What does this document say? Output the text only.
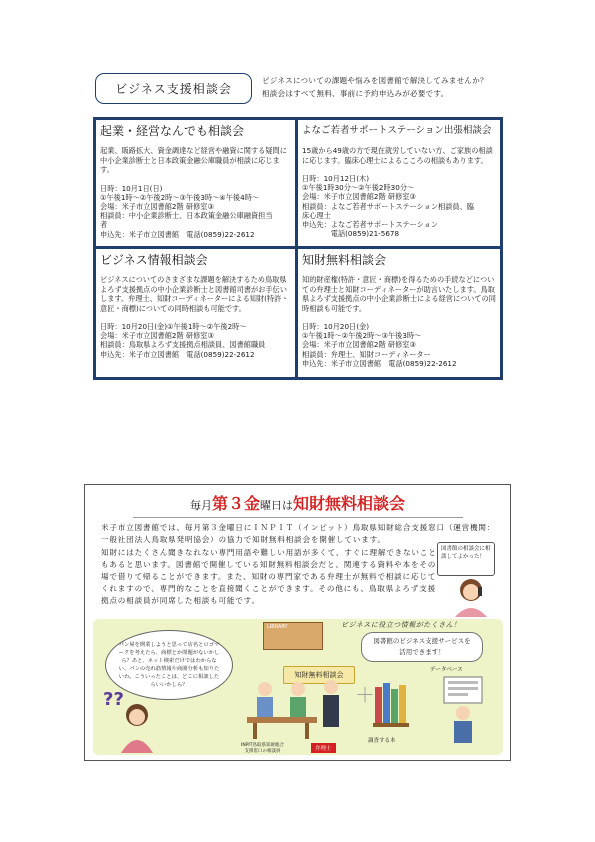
ビジネス支援相談会
ビジネスについての課題や悩みを図書館で解決してみませんか？
相談会はすべて無料、事前に予約申込みが必要です。
起業・経営なんでも相談会
起業、販路拡大、資金調達など経営や融資に関する疑問に中小企業診断士と日本政策金融公庫職員が相談に応じます。
日時：10月1日(日)
①午後1時〜②午後2時〜③午後3時〜④午後4時〜
会場：米子市立図書館2階 研修室③
相談員：中小企業診断士、日本政策金融公庫融資担当
者
申込先：米子市立図書館　電話(0859)22-2612
よなご若者サポートステーション出張相談会
15歳から49歳の方で現在就労していない方、ご家族の相談に応じます。臨床心理士によるこころの相談もあります。
日時：10月12日(木)
①午後1時30分〜②午後2時30分〜
会場：米子市立図書館2階 研修室③
相談員：よなご若者サポートステーション相談員、臨
床心理士
申込先：よなご若者サポートステーション
　　　　電話(0859)21-5678
ビジネス情報相談会
ビジネスについてのさまざまな課題を解決するため鳥取県よろず支援拠点の中小企業診断士と図書館司書がお手伝いします。弁理士、知財コーディネーターによる知財(特許・意匠・商標)についての同時相談も可能です。
日時：10月20日(金)①午後1時〜②午後2時〜
会場：米子市立図書館2階 研修室③
相談員：鳥取県よろず支援拠点相談員、図書館職員
申込先：米子市立図書館　電話(0859)22-2612
知財無料相談会
知的財産権(特許・意匠・商標)を得るための手続などについての弁理士と知財コーディネーターが助言いたします。鳥取県よろず支援拠点の中小企業診断士による経営についての同時相談も可能です。
日時：10月20日(金)
①午後1時〜②午後2時〜③午後3時〜
会場：米子市立図書館2階 研修室③
相談員：弁理士、知財コーディネーター
申込先：米子市立図書館　電話(0859)22-2612
毎月第３金曜日は知財無料相談会
米子市立図書館では、毎月第３金曜日にＩＮＰＩＴ（インピット）鳥取県知財総合支援窓口（運営機関：一般社団法人鳥取県発明協会）の協力で知財無料相談会を開催しています。
知財にはたくさん聞きなれない専門用語や難しい用語が多くて、すぐに理解できないこともあると思います。図書館で開催している知財無料相談会だと、関連する資料や本をその場で借りて帰ることができます。また、知財の専門家である弁理士が無料で相談に応じてくれますので、専門的なことを直接聞くことができます。その他にも、鳥取県よろず支援拠点の相談員が同席した相談も可能です。
図書館の相談会に相談してよかった！
パン屋を開業しようと思って店名とロゴマークを考えたら、商標とか問題がないかしら？あと、ネット検索だけではわからない、パンの売れ筋情報や商圏分析も知りたいわ。こういったことは、どこに相談したらいいかしら？
??
LIBRARY	ビジネスに役立つ情報がたくさん！
図書館のビジネス支援サービスを
活用できます！
知財無料相談会
INPIT鳥取県知財総合
支援窓口の相談員	弁理士
＋
調査する本
データベース
